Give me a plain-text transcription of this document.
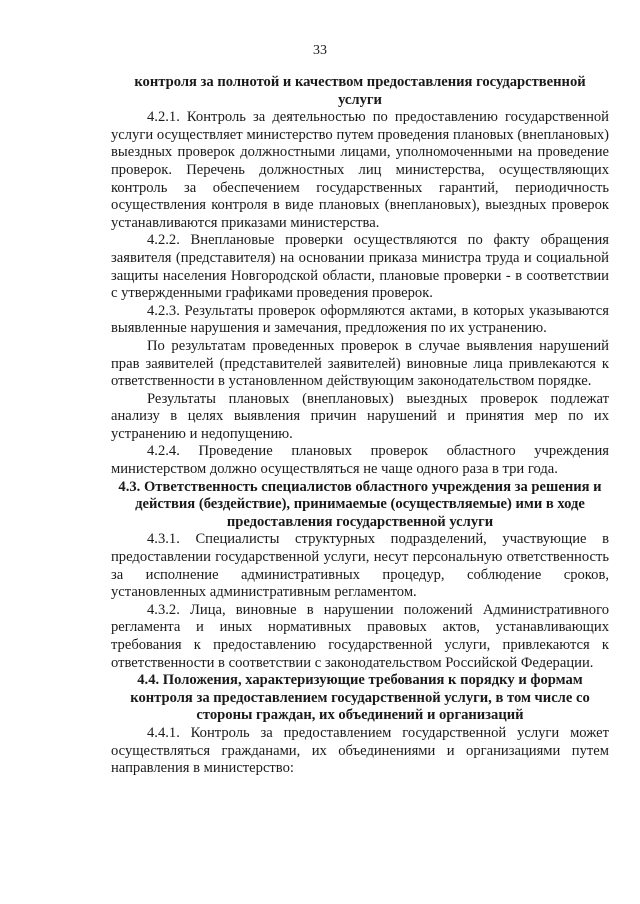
33
контроля за полнотой и качеством предоставления государственной услуги

4.2.1. Контроль за деятельностью по предоставлению государственной услуги осуществляет министерство путем проведения плановых (внеплановых) выездных проверок должностными лицами, уполномоченными на проведение проверок. Перечень должностных лиц министерства, осуществляющих контроль за обеспечением государственных гарантий, периодичность осуществления контроля в виде плановых (внеплановых), выездных проверок устанавливаются приказами министерства.

4.2.2. Внеплановые проверки осуществляются по факту обращения заявителя (представителя) на основании приказа министра труда и социальной защиты населения Новгородской области, плановые проверки - в соответствии с утвержденными графиками проведения проверок.

4.2.3. Результаты проверок оформляются актами, в которых указываются выявленные нарушения и замечания, предложения по их устранению.

По результатам проведенных проверок в случае выявления нарушений прав заявителей (представителей заявителей) виновные лица привлекаются к ответственности в установленном действующим законодательством порядке.

Результаты плановых (внеплановых) выездных проверок подлежат анализу в целях выявления причин нарушений и принятия мер по их устранению и недопущению.

4.2.4. Проведение плановых проверок областного учреждения министерством должно осуществляться не чаще одного раза в три года.

4.3. Ответственность специалистов областного учреждения за решения и действия (бездействие), принимаемые (осуществляемые) ими в ходе предоставления государственной услуги

4.3.1. Специалисты структурных подразделений, участвующие в предоставлении государственной услуги, несут персональную ответственность за исполнение административных процедур, соблюдение сроков, установленных административным регламентом.

4.3.2. Лица, виновные в нарушении положений Административного регламента и иных нормативных правовых актов, устанавливающих требования к предоставлению государственной услуги, привлекаются к ответственности в соответствии с законодательством Российской Федерации.

4.4. Положения, характеризующие требования к порядку и формам контроля за предоставлением государственной услуги, в том числе со стороны граждан, их объединений и организаций

4.4.1. Контроль за предоставлением государственной услуги может осуществляться гражданами, их объединениями и организациями путем направления в министерство:
